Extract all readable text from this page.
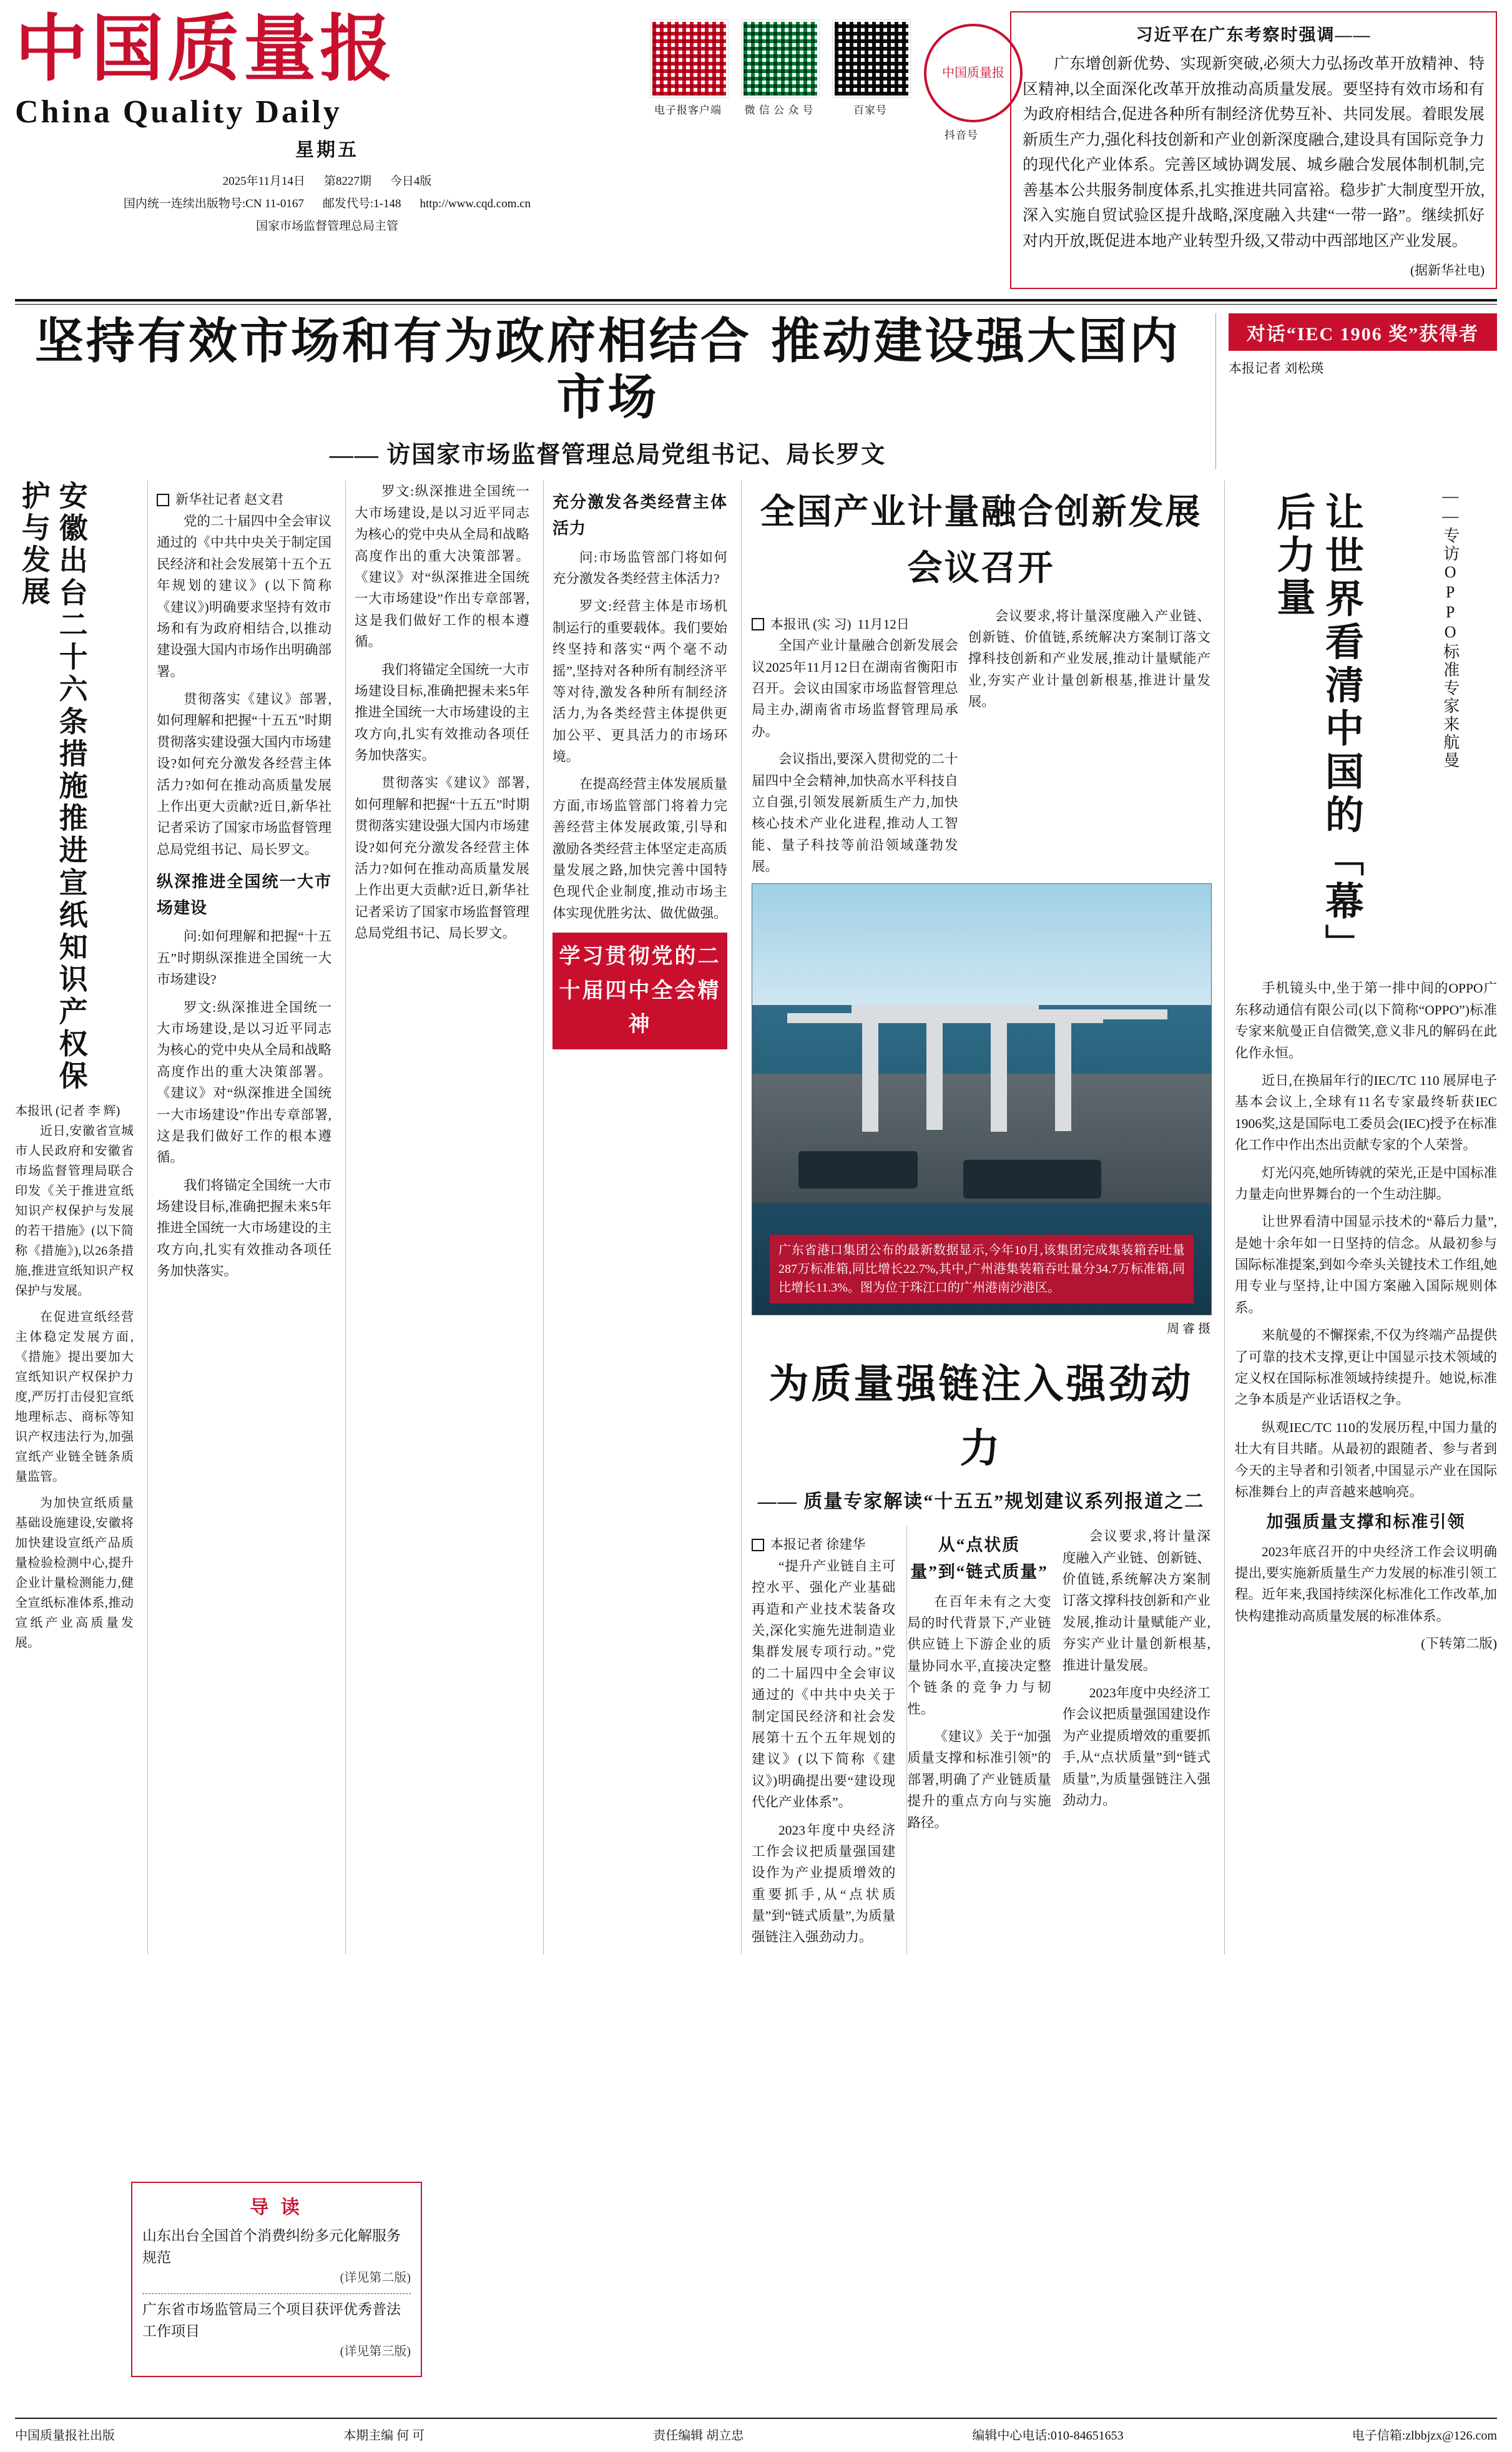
中国质量报
China Quality Daily
星期五
2025年11月14日 第8227期 今日4版
国内统一连续出版物号:CN 11-0167 邮发代号:1-148 http://www.cqd.com.cn
国家市场监督管理总局主管
电子报客户端	微 信 公 众 号	百家号
中国质量报
抖音号
习近平在广东考察时强调——

广东增创新优势、实现新突破,必须大力弘扬改革开放精神、特区精神,以全面深化改革开放推动高质量发展。要坚持有效市场和有为政府相结合,促进各种所有制经济优势互补、共同发展。着眼发展新质生产力,强化科技创新和产业创新深度融合,建设具有国际竞争力的现代化产业体系。完善区域协调发展、城乡融合发展体制机制,完善基本公共服务制度体系,扎实推进共同富裕。稳步扩大制度型开放,深入实施自贸试验区提升战略,深度融入共建“一带一路”。继续抓好对内开放,既促进本地产业转型升级,又带动中西部地区产业发展。

(据新华社电)
坚持有效市场和有为政府相结合 推动建设强大国内市场
—— 访国家市场监督管理总局党组书记、局长罗文
对话“IEC 1906 奖”获得者
本报记者 刘松瑛
安徽出台二十六条措施推进宣纸知识产权保护与发展
本报讯 (记者 李 辉)

近日,安徽省宣城市人民政府和安徽省市场监督管理局联合印发《关于推进宣纸知识产权保护与发展的若干措施》(以下简称《措施》),以26条措施,推进宣纸知识产权保护与发展。

在促进宣纸经营主体稳定发展方面,《措施》提出要加大宣纸知识产权保护力度,严厉打击侵犯宣纸地理标志、商标等知识产权违法行为,加强宣纸产业链全链条质量监管。

为加快宣纸质量基础设施建设,安徽将加快建设宣纸产品质量检验检测中心,提升企业计量检测能力,健全宣纸标准体系,推动宣纸产业高质量发展。

新华社记者 赵文君

党的二十届四中全会审议通过的《中共中央关于制定国民经济和社会发展第十五个五年规划的建议》(以下简称《建议》)明确要求坚持有效市场和有为政府相结合,以推动建设强大国内市场作出明确部署。

贯彻落实《建议》部署,如何理解和把握“十五五”时期贯彻落实建设强大国内市场建设?如何充分激发各经营主体活力?如何在推动高质量发展上作出更大贡献?近日,新华社记者采访了国家市场监督管理总局党组书记、局长罗文。

纵深推进全国统一大市场建设

问:如何理解和把握“十五五”时期纵深推进全国统一大市场建设?

罗文:纵深推进全国统一大市场建设,是以习近平同志为核心的党中央从全局和战略高度作出的重大决策部署。《建议》对“纵深推进全国统一大市场建设”作出专章部署,这是我们做好工作的根本遵循。

我们将锚定全国统一大市场建设目标,准确把握未来5年推进全国统一大市场建设的主攻方向,扎实有效推动各项任务加快落实。

罗文:纵深推进全国统一大市场建设,是以习近平同志为核心的党中央从全局和战略高度作出的重大决策部署。《建议》对“纵深推进全国统一大市场建设”作出专章部署,这是我们做好工作的根本遵循。

我们将锚定全国统一大市场建设目标,准确把握未来5年推进全国统一大市场建设的主攻方向,扎实有效推动各项任务加快落实。

贯彻落实《建议》部署,如何理解和把握“十五五”时期贯彻落实建设强大国内市场建设?如何充分激发各经营主体活力?如何在推动高质量发展上作出更大贡献?近日,新华社记者采访了国家市场监督管理总局党组书记、局长罗文。

充分激发各类经营主体活力

问:市场监管部门将如何充分激发各类经营主体活力?

罗文:经营主体是市场机制运行的重要载体。我们要始终坚持和落实“两个毫不动摇”,坚持对各种所有制经济平等对待,激发各种所有制经济活力,为各类经营主体提供更加公平、更具活力的市场环境。

在提高经营主体发展质量方面,市场监管部门将着力完善经营主体发展政策,引导和激励各类经营主体坚定走高质量发展之路,加快完善中国特色现代企业制度,推动市场主体实现优胜劣汰、做优做强。

学习贯彻党的二十届四中全会精神
全国产业计量融合创新发展会议召开
本报讯 (实 习) 11月12日

全国产业计量融合创新发展会议2025年11月12日在湖南省衡阳市召开。会议由国家市场监督管理总局主办,湖南省市场监督管理局承办。

会议指出,要深入贯彻党的二十届四中全会精神,加快高水平科技自立自强,引领发展新质生产力,加快核心技术产业化进程,推动人工智能、量子科技等前沿领域蓬勃发展。

会议要求,将计量深度融入产业链、创新链、价值链,系统解决方案制订落文撑科技创新和产业发展,推动计量赋能产业,夯实产业计量创新根基,推进计量发展。

广东省港口集团公布的最新数据显示,今年10月,该集团完成集装箱吞吐量287万标准箱,同比增长22.7%,其中,广州港集装箱吞吐量分34.7万标准箱,同比增长11.3%。图为位于珠江口的广州港南沙港区。
周 睿 摄
为质量强链注入强劲动力
—— 质量专家解读“十五五”规划建议系列报道之二
本报记者 徐建华

“提升产业链自主可控水平、强化产业基础再造和产业技术装备攻关,深化实施先进制造业集群发展专项行动。”党的二十届四中全会审议通过的《中共中央关于制定国民经济和社会发展第十五个五年规划的建议》(以下简称《建议》)明确提出要“建设现代化产业体系”。

2023年度中央经济工作会议把质量强国建设作为产业提质增效的重要抓手,从“点状质量”到“链式质量”,为质量强链注入强劲动力。

从“点状质量”到“链式质量”

在百年未有之大变局的时代背景下,产业链供应链上下游企业的质量协同水平,直接决定整个链条的竞争力与韧性。

《建议》关于“加强质量支撑和标准引领”的部署,明确了产业链质量提升的重点方向与实施路径。

会议要求,将计量深度融入产业链、创新链、价值链,系统解决方案制订落文撑科技创新和产业发展,推动计量赋能产业,夯实产业计量创新根基,推进计量发展。

2023年度中央经济工作会议把质量强国建设作为产业提质增效的重要抓手,从“点状质量”到“链式质量”,为质量强链注入强劲动力。

让世界看清中国的「幕」后力量	——专访OPPO标准专家来航曼

手机镜头中,坐于第一排中间的OPPO广东移动通信有限公司(以下简称“OPPO”)标准专家来航曼正自信微笑,意义非凡的解码在此化作永恒。

近日,在换届年行的IEC/TC 110 展屏电子基本会议上,全球有11名专家最终斩获IEC 1906奖,这是国际电工委员会(IEC)授予在标准化工作中作出杰出贡献专家的个人荣誉。

灯光闪亮,她所铸就的荣光,正是中国标准力量走向世界舞台的一个生动注脚。

让世界看清中国显示技术的“幕后力量”,是她十余年如一日坚持的信念。从最初参与国际标准提案,到如今牵头关键技术工作组,她用专业与坚持,让中国方案融入国际规则体系。

来航曼的不懈探索,不仅为终端产品提供了可靠的技术支撑,更让中国显示技术领域的定义权在国际标准领域持续提升。她说,标准之争本质是产业话语权之争。

纵观IEC/TC 110的发展历程,中国力量的壮大有目共睹。从最初的跟随者、参与者到今天的主导者和引领者,中国显示产业在国际标准舞台上的声音越来越响亮。

加强质量支撑和标准引领

2023年底召开的中央经济工作会议明确提出,要实施新质量生产力发展的标准引领工程。近年来,我国持续深化标准化工作改革,加快构建推动高质量发展的标准体系。

(下转第二版)
导 读
山东出台全国首个消费纠纷多元化解服务规范
(详见第二版)
广东省市场监管局三个项目获评优秀普法工作项目
(详见第三版)
中国质量报社出版	本期主编 何 可	责任编辑 胡立忠	编辑中心电话:010-84651653	电子信箱:zlbbjzx@126.com
